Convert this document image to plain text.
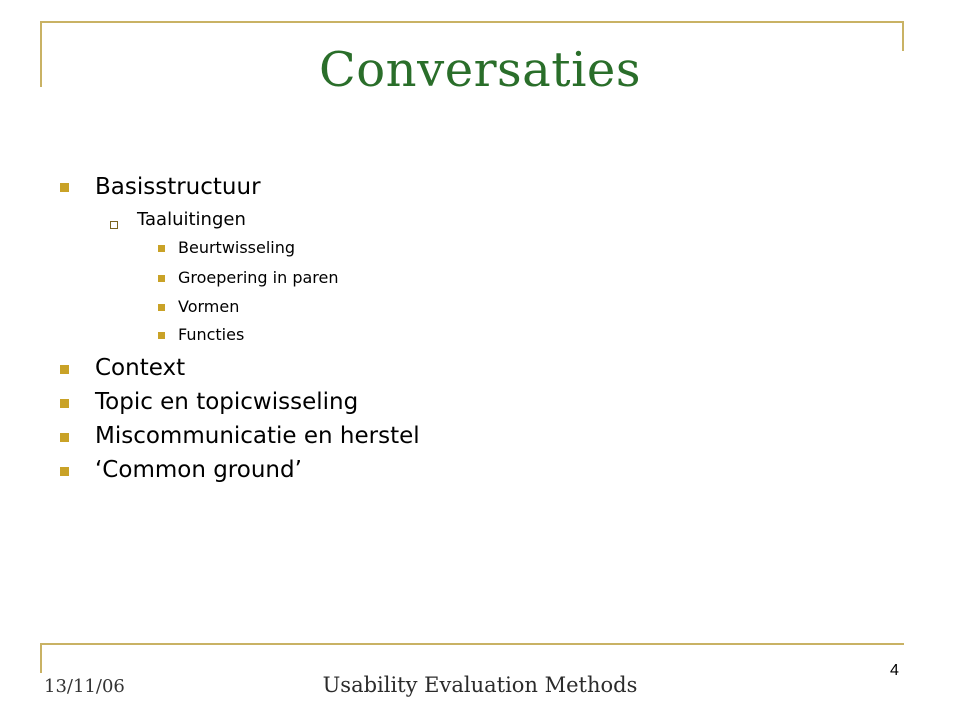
Conversaties
Basisstructuur
Taaluitingen
Beurtwisseling
Groepering in paren
Vormen
Functies
Context
Topic en topicwisseling
Miscommunicatie en herstel
‘Common ground’
13/11/06	Usability Evaluation Methods
4
